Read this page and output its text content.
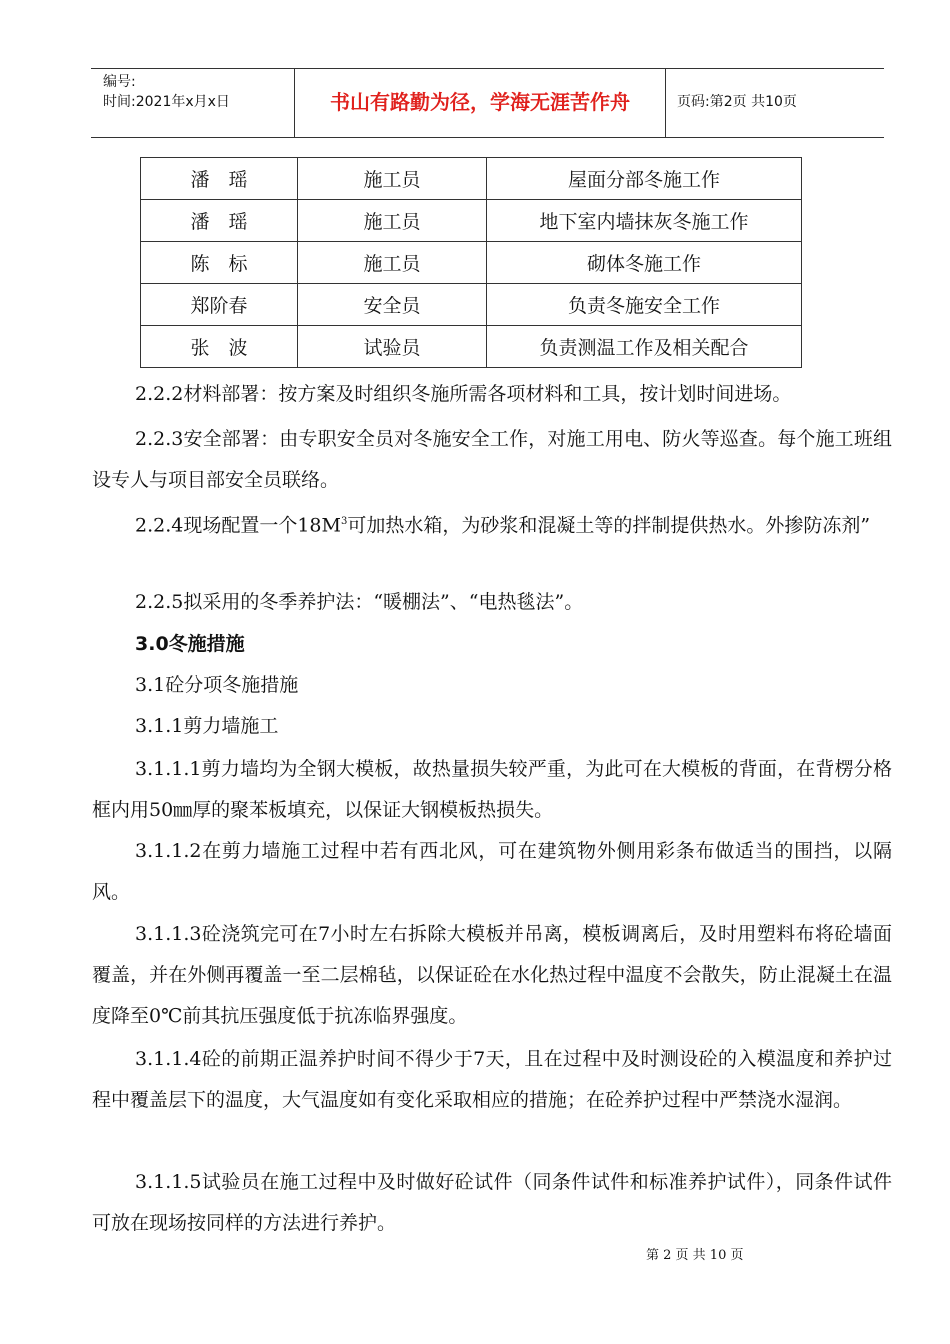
编号:
时间:2021年x月x日	书山有路勤为径，学海无涯苦作舟	页码:第2页 共10页
潘　瑶	施工员	屋面分部冬施工作
潘　瑶	施工员	地下室内墙抹灰冬施工作
陈　标	施工员	砌体冬施工作
郑阶春	安全员	负责冬施安全工作
张　波	试验员	负责测温工作及相关配合

2.2.2材料部署：按方案及时组织冬施所需各项材料和工具，按计划时间进场。

2.2.3安全部署：由专职安全员对冬施安全工作，对施工用电、防火等巡查。每个施工班组设专人与项目部安全员联络。

2.2.4现场配置一个$18M^3$可加热水箱，为砂浆和混凝土等的拌制提供热水。外掺防冻剂”

2.2.5拟采用的冬季养护法：“暖棚法”、“电热毯法”。

3.0冬施措施

3.1砼分项冬施措施

3.1.1剪力墙施工

3.1.1.1剪力墙均为全钢大模板，故热量损失较严重，为此可在大模板的背面，在背楞分格框内用50㎜厚的聚苯板填充，以保证大钢模板热损失。

3.1.1.2在剪力墙施工过程中若有西北风，可在建筑物外侧用彩条布做适当的围挡，以隔风。

3.1.1.3砼浇筑完可在7小时左右拆除大模板并吊离，模板调离后，及时用塑料布将砼墙面覆盖，并在外侧再覆盖一至二层棉毡，以保证砼在水化热过程中温度不会散失，防止混凝土在温度降至0℃前其抗压强度低于抗冻临界强度。

3.1.1.4砼的前期正温养护时间不得少于7天，且在过程中及时测设砼的入模温度和养护过程中覆盖层下的温度，大气温度如有变化采取相应的措施；在砼养护过程中严禁浇水湿润。

3.1.1.5试验员在施工过程中及时做好砼试件（同条件试件和标准养护试件），同条件试件可放在现场按同样的方法进行养护。

第 2 页 共 10 页
